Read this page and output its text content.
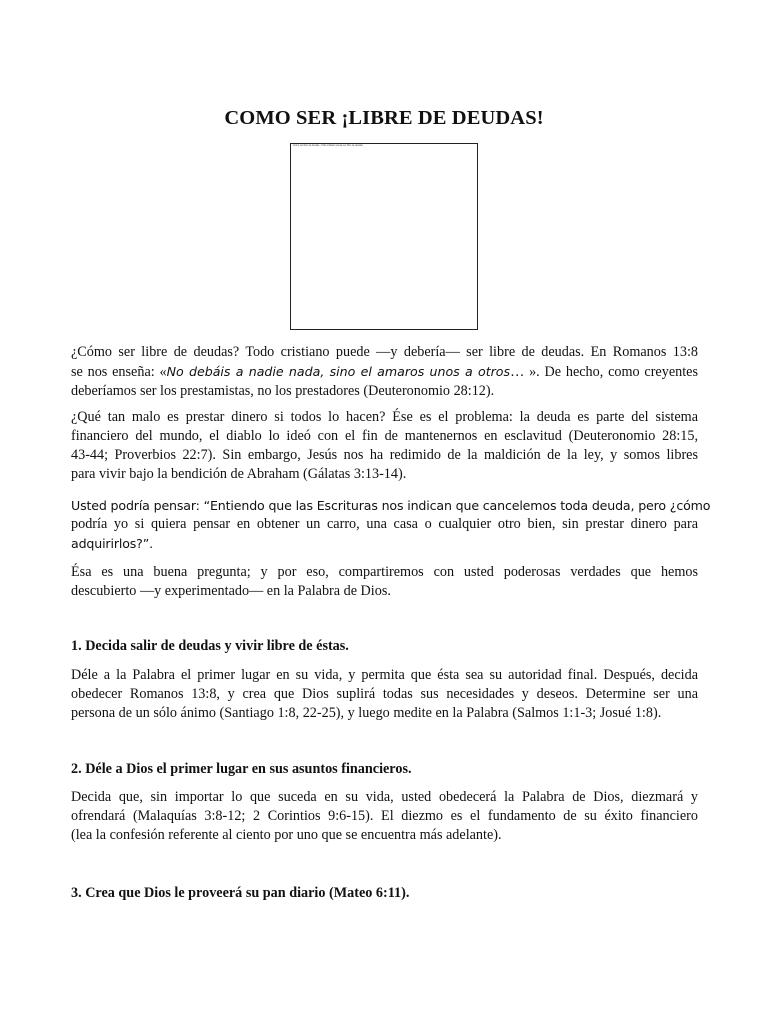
COMO SER ¡LIBRE DE DEUDAS!
Como ser libre de deudas - Todo cristiano puede ser libre de deudas
¿Cómo ser libre de deudas? Todo cristiano puede —y debería— ser libre de deudas. En Romanos 13:8
se nos enseña: «No debáis a nadie nada, sino el amaros unos a otros… ». De hecho, como creyentes
deberíamos ser los prestamistas, no los prestadores (Deuteronomio 28:12).
¿Qué tan malo es prestar dinero si todos lo hacen? Ése es el problema: la deuda es parte del sistema
financiero del mundo, el diablo lo ideó con el fin de mantenernos en esclavitud (Deuteronomio 28:15,
43-44; Proverbios 22:7). Sin embargo, Jesús nos ha redimido de la maldición de la ley, y somos libres
para vivir bajo la bendición de Abraham (Gálatas 3:13-14).
Usted podría pensar: “Entiendo que las Escrituras nos indican que cancelemos toda deuda, pero ¿cómo
podría yo si quiera pensar en obtener un carro, una casa o cualquier otro bien, sin prestar dinero para
adquirirlos?”.
Ésa es una buena pregunta; y por eso, compartiremos con usted poderosas verdades que hemos
descubierto —y experimentado— en la Palabra de Dios.

1. Decida salir de deudas y vivir libre de éstas.

Déle a la Palabra el primer lugar en su vida, y permita que ésta sea su autoridad final. Después, decida
obedecer Romanos 13:8, y crea que Dios suplirá todas sus necesidades y deseos. Determine ser una
persona de un sólo ánimo (Santiago 1:8, 22-25), y luego medite en la Palabra (Salmos 1:1-3; Josué 1:8).

2. Déle a Dios el primer lugar en sus asuntos financieros.

Decida que, sin importar lo que suceda en su vida, usted obedecerá la Palabra de Dios, diezmará y
ofrendará (Malaquías 3:8-12; 2 Corintios 9:6-15). El diezmo es el fundamento de su éxito financiero
(lea la confesión referente al ciento por uno que se encuentra más adelante).

3. Crea que Dios le proveerá su pan diario (Mateo 6:11).
